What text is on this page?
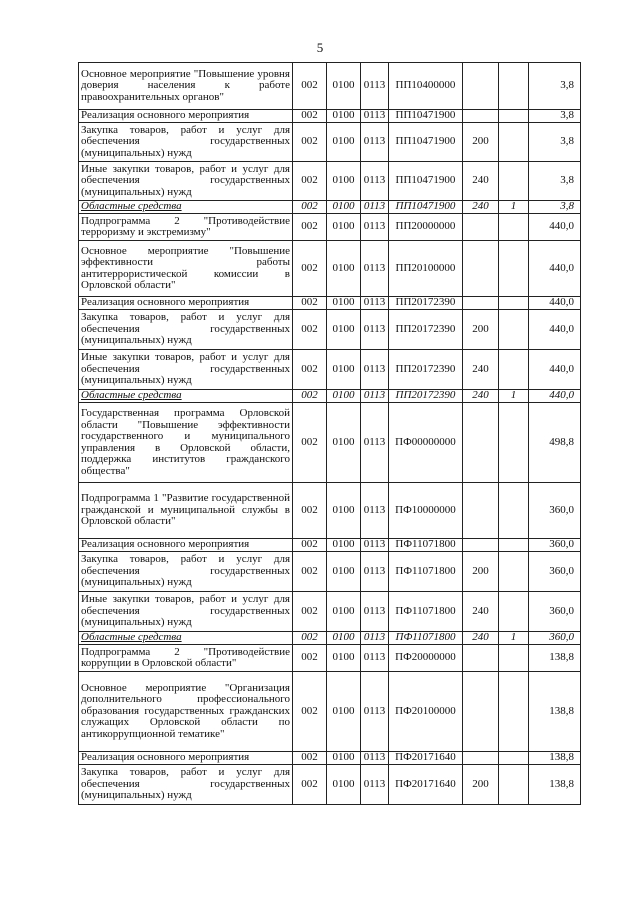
5
Основное мероприятие "Повышение уровня доверия населения к работе правоохранительных органов"	002	0100	0113	ПП10400000			3,8
Реализация основного мероприятия	002	0100	0113	ПП10471900			3,8
Закупка товаров, работ и услуг для обеспечения государственных (муниципальных) нужд	002	0100	0113	ПП10471900	200		3,8
Иные закупки товаров, работ и услуг для обеспечения государственных (муниципальных) нужд	002	0100	0113	ПП10471900	240		3,8
Областные средства	002	0100	0113	ПП10471900	240	1	3,8
Подпрограмма 2 "Противодействие терроризму и экстремизму"	002	0100	0113	ПП20000000			440,0
Основное мероприятие "Повышение эффективности работы антитеррористической комиссии в Орловской области"	002	0100	0113	ПП20100000			440,0
Реализация основного мероприятия	002	0100	0113	ПП20172390			440,0
Закупка товаров, работ и услуг для обеспечения государственных (муниципальных) нужд	002	0100	0113	ПП20172390	200		440,0
Иные закупки товаров, работ и услуг для обеспечения государственных (муниципальных) нужд	002	0100	0113	ПП20172390	240		440,0
Областные средства	002	0100	0113	ПП20172390	240	1	440,0
Государственная программа Орловской области "Повышение эффективности государственного и муниципального управления в Орловской области, поддержка институтов гражданского общества"	002	0100	0113	ПФ00000000			498,8
Подпрограмма 1 "Развитие государственной гражданской и муниципальной службы в Орловской области"	002	0100	0113	ПФ10000000			360,0
Реализация основного мероприятия	002	0100	0113	ПФ11071800			360,0
Закупка товаров, работ и услуг для обеспечения государственных (муниципальных) нужд	002	0100	0113	ПФ11071800	200		360,0
Иные закупки товаров, работ и услуг для обеспечения государственных (муниципальных) нужд	002	0100	0113	ПФ11071800	240		360,0
Областные средства	002	0100	0113	ПФ11071800	240	1	360,0
Подпрограмма 2 "Противодействие коррупции в Орловской области"	002	0100	0113	ПФ20000000			138,8
Основное мероприятие "Организация дополнительного профессионального образования государственных гражданских служащих Орловской области по антикоррупционной тематике"	002	0100	0113	ПФ20100000			138,8
Реализация основного мероприятия	002	0100	0113	ПФ20171640			138,8
Закупка товаров, работ и услуг для обеспечения государственных (муниципальных) нужд	002	0100	0113	ПФ20171640	200		138,8
